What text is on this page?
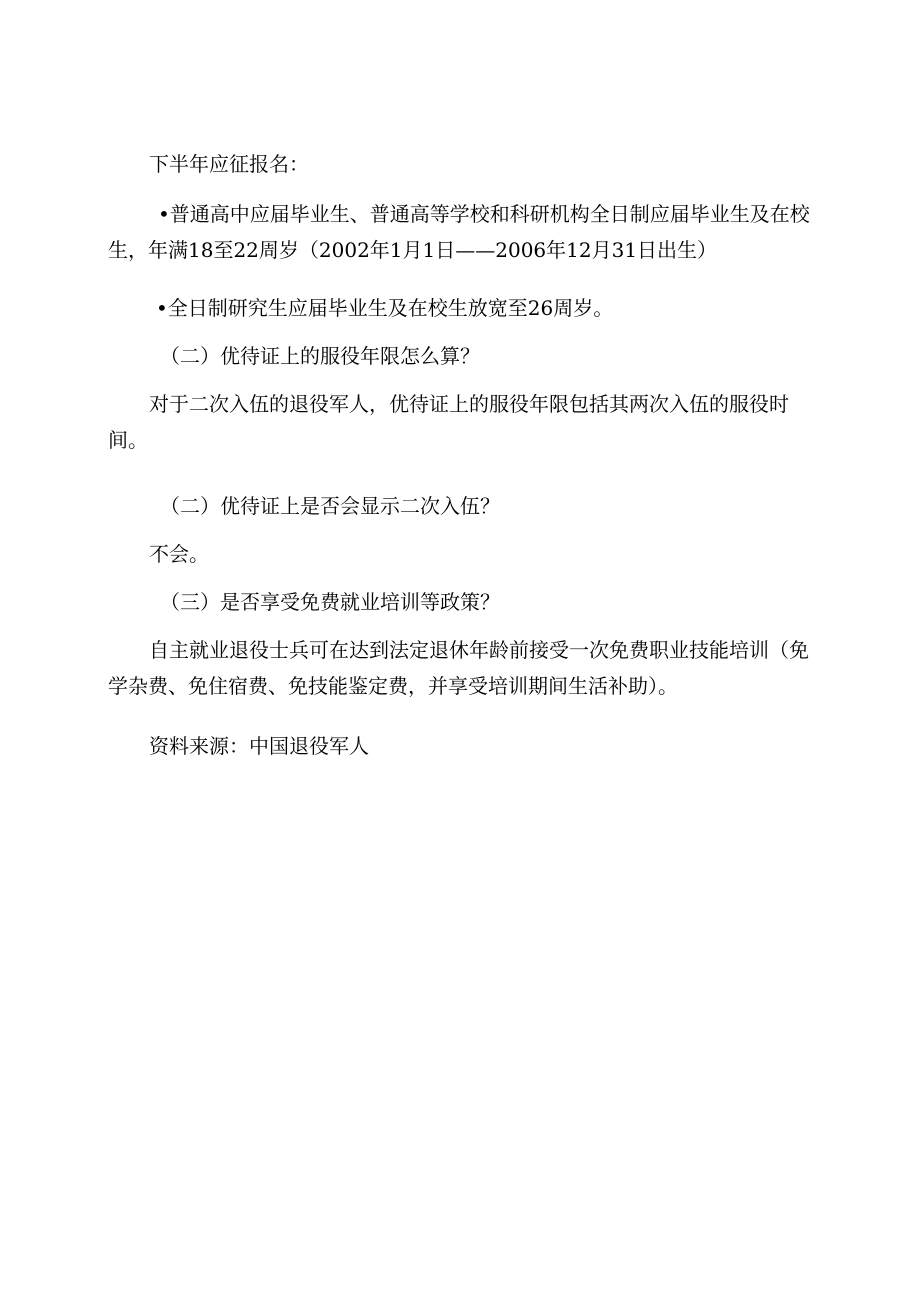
下半年应征报名：

•普通高中应届毕业生、普通高等学校和科研机构全日制应届毕业生及在校生，年满18至22周岁（2002年1月1日——2006年12月31日出生）

•全日制研究生应届毕业生及在校生放宽至26周岁。

（二）优待证上的服役年限怎么算？

对于二次入伍的退役军人，优待证上的服役年限包括其两次入伍的服役时间。

（二）优待证上是否会显示二次入伍？

不会。

（三）是否享受免费就业培训等政策？

自主就业退役士兵可在达到法定退休年龄前接受一次免费职业技能培训（免学杂费、免住宿费、免技能鉴定费，并享受培训期间生活补助）。

资料来源：中国退役军人
